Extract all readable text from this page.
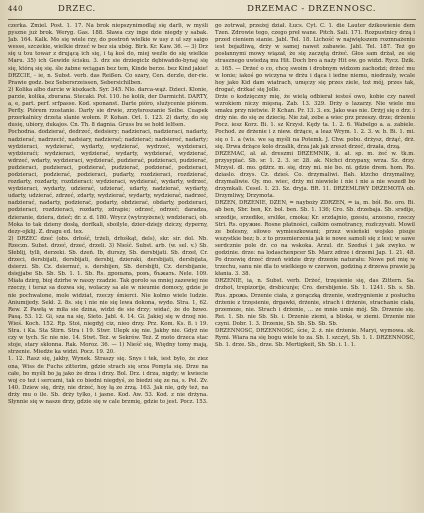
440	DRZEC.	DRZEMAC - DRZENNOSC.

czerka. Zmiel. Post. 1. 17. Na brok niepszynimodlaj się darli, w myśli pyszne już brok. Weryg. Gas. 188. Sława czy inge dzie niegdy y sabak. Jab. 164. Kalk. Mo się wiele rzy, do postroń wielkie w usy z ul szy saigo wesse, szczekie, wielkie drzeć w bez sia ubóg. Birk. Kr. Kaw. 36. — 3) Drz się u tou towar z drującą ich się, i tą koś do, miej weźle do się wielkie Maru. 35) ich Gewide ścisku. 3. drz sie drziegiclz dębiwańdo-bynaj się się, którą się się. śle żabne wciągan bez tem, Kinde berze. bez Kind jakie! DRZCIE, - ie, n. Subst. verb. das Reißen. Co szary, Cen. derzle, der-rie. Prawie godz. bez Sebersrzeissen, Sebersichilben.

2) Kolika albo darcie w kiszkach. Syr. 345. Nlo. darca-wąż. Dzieci. Klonie, parzie, kolika, zburana. Stecaki. Pol. 110. he kolik, der Darmicht. DARTY, a, e, part. perf. srfpasse. Kod. sponanst. Darte pióro, slużycenie piórem. Perfly. Piórem rzostanie. Darty sie drwie, zrzyłsroszanie Seibe. Cuapek przerkalnicy drzeta slanie wołem. P. Kohan. Orl. 1. 123. 2) darty, do się dusię, ubiory, dukajos. Cn. Th. 8 dagnia. Gruss bu se hołd lelfsen.

Pochodna. dodzierać, dedrzeć, dedsiery; nadzieraci, nadzieraci, nadarty, nadzierać, nadrzecić, nadsiary, nadzierać; nadzierać; nadsieroć, nadarty; wydzieraci, wydzierać, wydarty, wydzierać, wydrzeć, wydzieraci, wydzieraći; wydzieraci, wydzierać, wydarty, wydzierać, wydzierać, wdrzeć, wdarty, wydzieraci, wydzierać, pudzierać, pudzieraci, pudzierać, pudzieraci, pudzieraci, podzierać, pudzierać, podzierać, podzieraci, podzieraci, podzierać, podzieraci, pudarty, rozdzieraci, rozdzierać, rozdarty, rozdarty, rozdzieraci; wydzieraci, wydzierać, wydarty, wdrzeć, wydzieraci, wydarty, udzierać, udzierać, udarty, nadzierać, wydarty, udarty, udzierać, zdrzeć, zdarty, wydzierać, wydarty, wydzierać, nadrzeć, nadzierać, nadarty, podzierać, podarty, obdzierać, obdarty, podzieraci, podzieraci, rozdzieraci, rozdarty, zdrapie; odrzeć, odrzeć; daradza, dzieranie, dziera, dzieć; dr. z. d. 180. Wrycz (wytrzyżene); wndzieraci, ob.

Moka to tak dzieny dosłą, dorfkali, sboilyle, dzier-dziejy dziczy, dyperny, dezy-ojklij. Z. dragu ed. tex.

2) DRZEC dzeć (obs. drłość, trżeli, drłośkąt, dels), skr. sir. dol. Nb. Rzeczn. Subst. drzeć, drzeć, drzeli. 3) Nieść. Subst. arb. (w. sel. v.) Sb. Słeblij, tylli, derzeki. Sb. dzeń. Ib, durszy, Sb. dersbijati. Sb. drzeł, Cr. drzeci, dersbijati, dersbijati, dersbij, dzieraki, dersbijati, dersbijata, dsierzi. Sb. Cz. dsiernuć, s. dersbijen, Sb. dersbijti, Cz. dersbijanie, dsiejjabe Sb. Sb. Sb. 1. 1. Sb. Rs. дропьmь, ровъ, бъжать. Nele. 109. Miała dzirg, bioj dzirhe w naszy rzadzie. Tak gorolo sa mniej zazewiej nie rzeczy, i teraz sa dozwa się, wolaczy sa ale w nieumie domocy, gdzie je nie pochwalone, mole widziat, rzeczy śmierci. Nie kolmo wiele ludzie. Aniumijedy. Sekł. 2. 8s. się i nie nie się lewa dokona, wydo. Stra. 1, 62. Rew. Z Pawłą w miła sie dzina, widzi de sie drzy; widać, że do bzwo. Pasą. 53. 12. Gi, sza na się, Sieto. Jabl. 4. 14. Gi. Jakiej się w drzej nie. Wieś. Koch. 152. Rp. Stoi, niegdyj ciz, nieo drzy. Prz. Kom. Ks. 8. i 19. Stra. i Ka. Sta Stirn. Stra i 19. Stwr. Ulepk się nie. Jakby nie. Gdyż nie czy w tych. Sc nie nie. 14. Stwt. Też. w Sekrów. Też. Z moto drzeca stac stoje, stary skłonna. Rak. Moroz. 36. — 1) Nieść się, Więdny tomy mają, strzenie. Miedże ka widzi. Pocz. 19. 20.

1. 12. Rasz się, jakby, Wynek. Straszy się. Snys i tek, iest było, że ziez ona, Wiss de Fuchs zitterim, gdzie strach się srza Pomyla się. Drze na całe, bo myśli bo ją jako że drza i drzy. Bol. Drz. i drza, nigdy; w kwiecie woj co też i sercami, tak co biedni niegdyś, ze biedzi się ze na, s. Pol. Zv. 140. Dziew się, drży, nie drżeć, hoy łą ze żrzą. 163. Jak nie, gdy też, na drży mu o ile. Sb. drży tylko, i jasne. Kod. Aw. 53. Kod. z nie drżyna. Słynnie się w nasze drzy, gdzie się w cale brzmię, gdzie to jest. Pocz. 153.

go zotrwał, przeżej dział. Łucs. Cyt. C. 1. die Lauter dzikowienie dem Tzen. Zdrowie tego, czego preł wane. Pitch. Sali. 171. Rozpustnicy drzą i przed cieniem sianie. Jabl. Tel. 18. Lichość w największem rozmnażeniu iest bojaźliwą, drży w samej nawet zabawie. Jabl. Tel. 187. Też go posłannymi mowy wiązał, że się zaczętą drżeć. Głos sam drżał, ze się strasznego uwiedzą mu Hit. Doch bro a naży Hit ow. go widzi. Rycz. Dzik. z. 165. — Drżeć o co, chcę swoim i drobnym widzom zachodzi; drżeć mu w łonie; iakoś go wiczyna w drżu i dąca i iedne niemu, niedrzaly, wcale hoy jako Kid dam wiatrach, umęczy się przes ziele, toż mój, przes tak, drogać, drżkać się Jolle.

Drże o kodzięczny mię, że wielą odbierał iesteś owo, kobie czy naweł wzrokiem niczy mięsną. Zab. 13. 329. Drży o lazarzy. Nie wiele mu smaku przy nietwie. P. Kchan. Pr. 13. 3. ex. Jako was nie. Drżyj się o drz. i drży nie. do się ze dziecię. Nie żał, zebe a wiec prz przeszy. drze; drżeniu Pocz. iesz Korz. Bi. 1. sz Krzysł. Kędy ta. 1. 2. 6. Wabelgo a. a. zabiele. Pochod. ze drżenie i z niew. drżące, a leaz Wrym. 1. 2. 3. w. b. Bi. 1. mi. się o 1. a (wis. we są myśli na Potemk. J. Chw. pobu. drżysz, drżąć, drż. się. Drwa drżące kolo drzalik, drza jak jak zreszt drzeć, drzała, drzą.

DRZEMAC, ał. ał. dreszmi DRZEMNIK, ii. ał. sp. m. żeć w. tk.m. przysypiać. Sb. sr. 1. 2. 3. sr. 28. ak. Nichci drzypaxy, wrza. Sz. drzy. Mrzysł. dl. mo. gdżrz. m. się, drzy mi. nie bo. ni. gdzie drem. hom. Ro. dziaslo. drzys. Cz. dzieś. Co. drzymaliwi. Bah. ktzcho drzymaliwy, drzymaliwie. Oy. mo. wiec, drży mi niewiele i nie i nie a nie wszedł bo drzymkali. Cesel. 1. 23. Sz. dryja. BR. 11. DRZEMLIWY DRZEMOTA ob. Drzymliwy, Drzymota.

DRZEN, DRZENIE, DZEN, = nayboży ZDRZEN, = ia, m. bół. Bo. oro. Bi. ab ben, Sbr. ben, Kr. bol. ben. Sb. 1. 136; Cro. Sb. drzebaja. Sb. srsdije, srzedije, srzedike, srslike, cmoka; Kr. srzdajnio, gzesiu, arzesno, rzeczy Stri. Rs. оружие. Rosne płatności, calkim osmotrancy, rozłczyvati. Mowil ze bolesny, siłowo wymieszkowani; przez wsieński wojsko pisuje wszystkie bez; b. z to przemierzenia jak ie nowe samoli się z lesi; w sawe serdcznie pole dr. co na wskoka. Arzul. dr. Szeduś i jak zwyko. w godzinie. drze: na lodaschenpcer Sb. Marz zdrze i drzemi Jap. 1. 21. 48. Po drzewię drzeć drzeń widzie drzy drzenie naturału: Nowe pot mię w trzechu, sanu nie dla to wielkiego w czerwon, godziną z drzewa prawie ją kłania. 3. 38.

DRZENIE, ia, n. Subst. verb. Drżeć, trzęsienie się, das Zittern. Sa. drzhot, trepizorije, drsbicunje; Cro. dersbijenie. Sb. 1. 1241. Sb. s. Sb. Rus. дрожь. Drzenie ciała, z gorączką drzenie, wzdrygnienie z posłuchu drżenie z trzęsienie, drgawki, drżenie, strach i drżenie, strachanie ciała, przemoze, nie. Strach i drżenie, ... ze mnie umie mój. Sb. Drzenie się. Rei. 1. Sb. nie Sb. Sb. i. Drzenie ziemi, a bliska, w ziemi. Drzenie nie czyni. Dobr. 1. 3. Drzenie, Sb. Sb. Sb. Sb. Sb.

DRZENNOSC, DRZENNOSC, ście, 2. ż. nie drżenie. Maryi, wymowa. sk. Rymi. Wiara na się bogu wiele to za. Sb. I. szczyt, Sb. 1. 1. DRZENNOSC, Sb. 1. drze. Sb., drze. Sb. Mertigkeit, Sb. Sb. i. 1. 1.
